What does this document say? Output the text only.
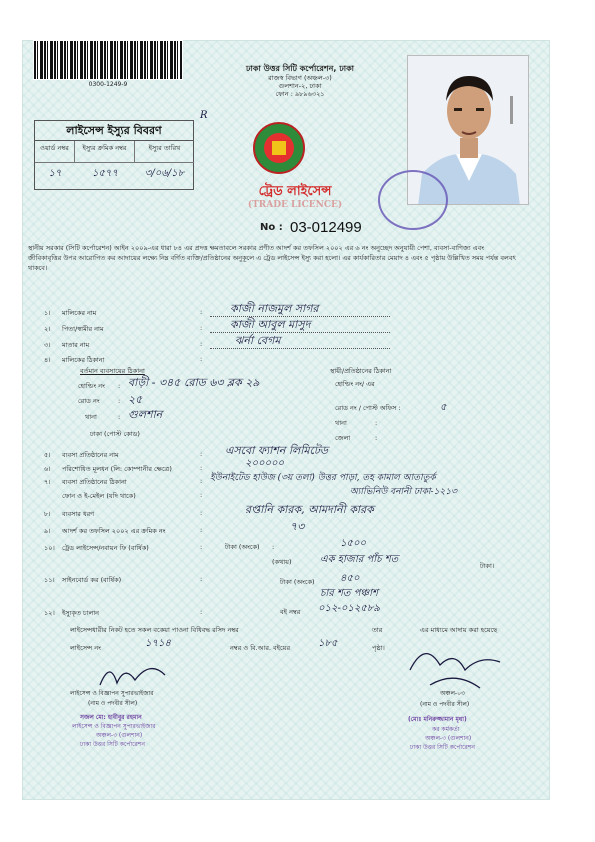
0300-1249-9
লাইসেন্স ইস্যুর বিবরণ
ওয়ার্ড নম্বর	ইস্যুর ক্রমিক নম্বর	ইস্যুর তারিখ
১৭	১৫৭৭	৩/০৬/১৮
R
ঢাকা উত্তর সিটি কর্পোরেশন, ঢাকা
রাজস্ব বিভাগ (অঞ্চল-৩)
গুলশান-২, ঢাকা
ফোন : ৯৮৯৬৩২১
ট্রেড লাইসেন্স
(TRADE LICENCE)
No : 03-012499
স্থানীয় সরকার (সিটি কর্পোরেশন) আইন ২০০৯-এর ধারা ৮৪ এর প্রদত্ত ক্ষমতাবলে সরকার প্রণীত আদর্শ কর তফসিল ২০০২ এর ৬ নং অনুচ্ছেদ অনুযায়ী পেশা, ব্যবসা-বাণিজ্য এবং জীবিকাবৃত্তির উপর আরোপিত কর আদায়ের লক্ষ্যে নিম্ন বর্ণিত ব্যক্তি/প্রতিষ্ঠানের অনুকূলে এ ট্রেড লাইসেন্স ইস্যু করা হলো। এর কার্যকারিতার মেয়াদ ৪ এবং ৫ পৃষ্ঠায় উল্লিখিত সময় পর্যন্ত বলবৎ থাকবে।
১। মালিকের নাম	:	কাজী নাজমুল সাগর
২। পিতা/স্বামীর নাম	:	কাজী আবুল মাসুদ
৩। মাতার নাম	:	ঝর্না বেগম
৪। মালিকের ঠিকানা	:
বর্তমান ব্যবসায়ের ঠিকানা	স্থায়ী/প্রতিষ্ঠানের ঠিকানা
হোল্ডিং নং : বাড়ী - ৩৪৫ রোড ৬৩ ব্লক ২৯	হোল্ডিং নং/ এর
রোড নং	: ২৫
রোড নং / পোস্ট অফিস :	৫
থানা	: গুলশান
থানা	:
ঢাকা (পোস্ট কোড)	জেলা	:
৫। ব্যবসা প্রতিষ্ঠানের নাম	: এসবো ফ্যাশন লিমিটেড
৬। পরিশোধিত মূলধন (লি: কোম্পানীর ক্ষেত্রে)	:	২০০০০০
৭। ব্যবসা প্রতিষ্ঠানের ঠিকানা	: ইউনাইটেড হাউজ (৩য় তলা) উত্তর পাড়া, তহ কামাল আতাতুর্ক
ফোন ও ই-মেইল (যদি থাকে)	:	অ্যাভিনিউ বনানী ঢাকা-১২১৩
৮। ব্যবসার ধরণ	:	রপ্তানি কারক, আমদানী কারক
৯। আদর্শ কর তফসিল ২০০২ এর ক্রমিক নং	:	৭৩
১০। ট্রেড লাইসেন্স/নবায়ন ফি (বার্ষিক)	:	টাকা (অংকে) :	১৫০০
(কথায়)	এক হাজার পাঁচ শত
টাকা।
১১। সাইনবোর্ড কর (বার্ষিক)	:	টাকা (অংকে)	৪৫০
চার শত পঞ্চাশ
১২। ইস্যুকৃত চালান	:	বই নম্বর ০১২-০১২৫৮৯
লাইসেন্সধারীর নিকট হতে সকল বকেয়া পাওনা বিধিবদ্ধ রসিদ নম্বর	তার	এর মাধ্যমে আদায় করা হয়েছে
লাইসেন্স নং	১৭১৪	নম্বর ও বি.আর. বইয়ের	১৮৫	পৃষ্ঠা।
লাইসেন্স ও বিজ্ঞাপন সুপারভাইজার
(নাম ও পদবীর সীল)
সজল মো: হাবীবুর রহমান
লাইসেন্স ও বিজ্ঞাপন সুপারভাইজার
অঞ্চল-৩ (গুলশান)
ঢাকা উত্তর সিটি কর্পোরেশন
(নাম ও পদবীর সীল)
(মোঃ মনিরুজ্জামান মৃধা)
কর কর্মকর্তা
অঞ্চল-৩ (গুলশান)
ঢাকা উত্তর সিটি কর্পোরেশন
অঞ্চল-০৩
